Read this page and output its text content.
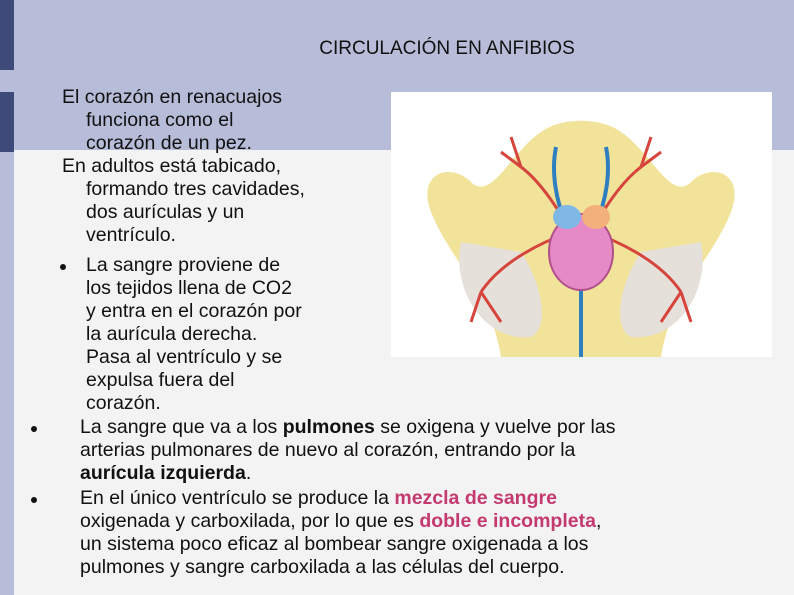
CIRCULACIÓN EN ANFIBIOS
El corazón en renacuajos
funciona como el
corazón de un pez.
En adultos está tabicado,
formando tres cavidades,
dos aurículas y un
ventrículo.
La sangre proviene de
los tejidos llena de CO2
y entra en el corazón por
la aurícula derecha.
Pasa al ventrículo y se
expulsa fuera del
corazón.
La sangre que va a los pulmones se oxigena y vuelve por las
arterias pulmonares de nuevo al corazón, entrando por la
aurícula izquierda.
En el único ventrículo se produce la mezcla de sangre
oxigenada y carboxilada, por lo que es doble e incompleta,
un sistema poco eficaz al bombear sangre oxigenada a los
pulmones y sangre carboxilada a las células del cuerpo.
